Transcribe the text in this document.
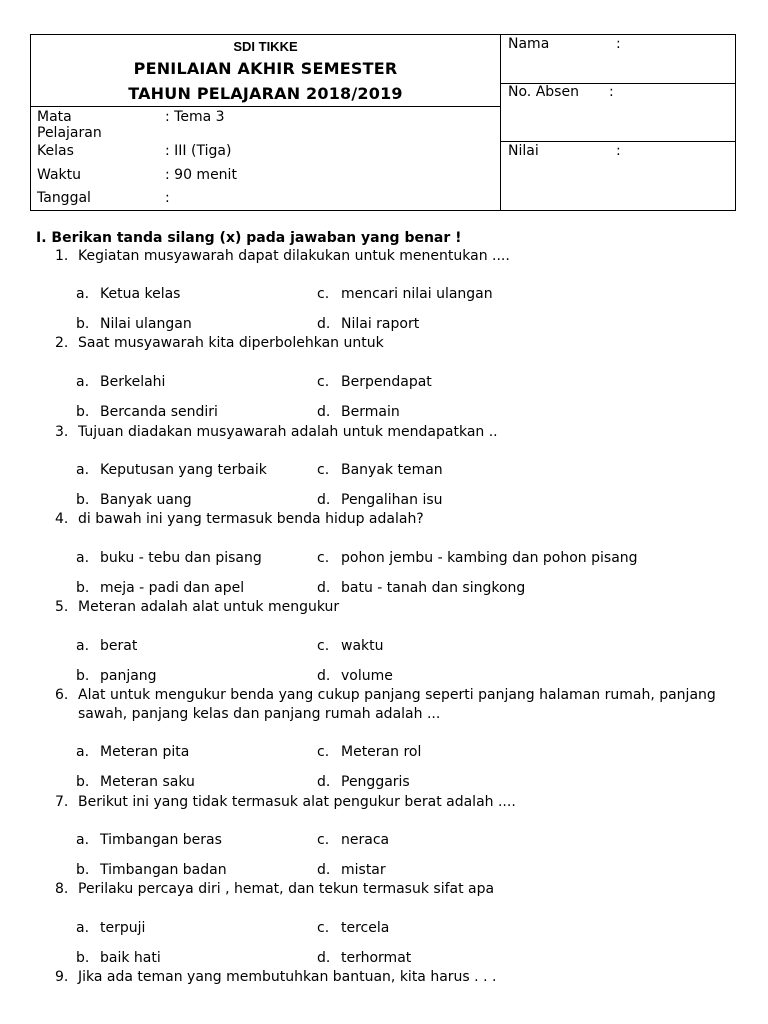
SDI TIKKE
PENILAIAN AKHIR SEMESTER
TAHUN PELAJARAN 2018/2019
Mata Pelajaran
: Tema 3
Kelas	: III (Tiga)
Waktu	: 90 menit
Tanggal	:
Nama	:
No. Absen :
Nilai	:
I. Berikan tanda silang (x) pada jawaban yang benar !
1. Kegiatan musyawarah dapat dilakukan untuk menentukan ....
a. Ketua kelas	c. mencari nilai ulangan
b. Nilai ulangan	d. Nilai raport
2. Saat musyawarah kita diperbolehkan untuk
a. Berkelahi	c. Berpendapat
b. Bercanda sendiri	d. Bermain
3. Tujuan diadakan musyawarah adalah untuk mendapatkan ..
a. Keputusan yang terbaik	c. Banyak teman
b. Banyak uang	d. Pengalihan isu
4. di bawah ini yang termasuk benda hidup adalah?
a. buku - tebu dan pisang	c. pohon jembu - kambing dan pohon pisang
b. meja - padi dan apel	d. batu - tanah dan singkong
5. Meteran adalah alat untuk mengukur
a. berat	c. waktu
b. panjang	d. volume
6. Alat untuk mengukur benda yang cukup panjang seperti panjang halaman rumah, panjang sawah, panjang kelas dan panjang rumah adalah ...
a. Meteran pita	c. Meteran rol
b. Meteran saku	d. Penggaris
7. Berikut ini yang tidak termasuk alat pengukur berat adalah ....
a. Timbangan beras	c. neraca
b. Timbangan badan	d. mistar
8. Perilaku percaya diri , hemat, dan tekun termasuk sifat apa
a. terpuji	c. tercela
b. baik hati	d. terhormat
9. Jika ada teman yang membutuhkan bantuan, kita harus . . .
